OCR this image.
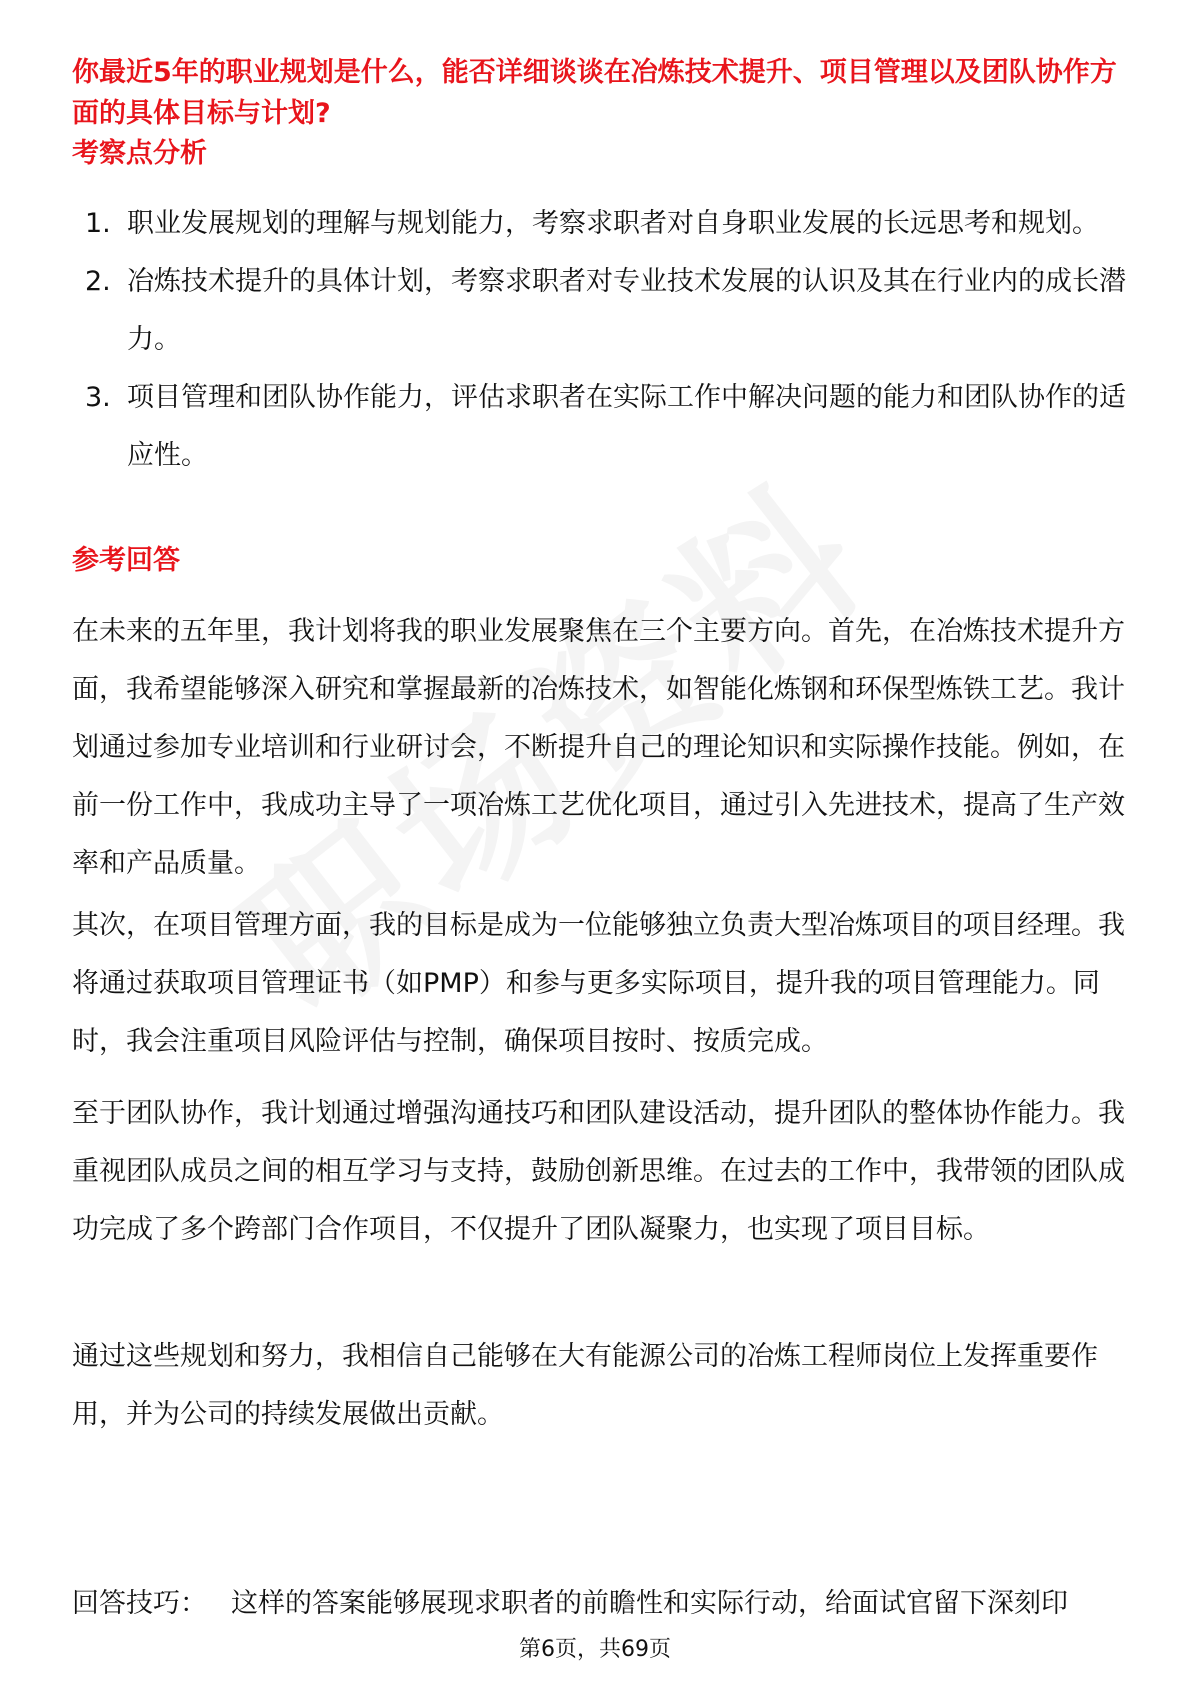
你最近5年的职业规划是什么，能否详细谈谈在冶炼技术提升、项目管理以及团队协作方面的具体目标与计划?
考察点分析
1. 职业发展规划的理解与规划能力，考察求职者对自身职业发展的长远思考和规划。
2. 冶炼技术提升的具体计划，考察求职者对专业技术发展的认识及其在行业内的成长潜力。
3. 项目管理和团队协作能力，评估求职者在实际工作中解决问题的能力和团队协作的适应性。
参考回答

在未来的五年里，我计划将我的职业发展聚焦在三个主要方向。首先，在冶炼技术提升方面，我希望能够深入研究和掌握最新的冶炼技术，如智能化炼钢和环保型炼铁工艺。我计划通过参加专业培训和行业研讨会，不断提升自己的理论知识和实际操作技能。例如，在前一份工作中，我成功主导了一项冶炼工艺优化项目，通过引入先进技术，提高了生产效率和产品质量。

其次，在项目管理方面，我的目标是成为一位能够独立负责大型冶炼项目的项目经理。我将通过获取项目管理证书（如PMP）和参与更多实际项目，提升我的项目管理能力。同时，我会注重项目风险评估与控制，确保项目按时、按质完成。

至于团队协作，我计划通过增强沟通技巧和团队建设活动，提升团队的整体协作能力。我重视团队成员之间的相互学习与支持，鼓励创新思维。在过去的工作中，我带领的团队成功完成了多个跨部门合作项目，不仅提升了团队凝聚力，也实现了项目目标。

通过这些规划和努力，我相信自己能够在大有能源公司的冶炼工程师岗位上发挥重要作用，并为公司的持续发展做出贡献。

回答技巧： 这样的答案能够展现求职者的前瞻性和实际行动，给面试官留下深刻印
第6页，共69页
